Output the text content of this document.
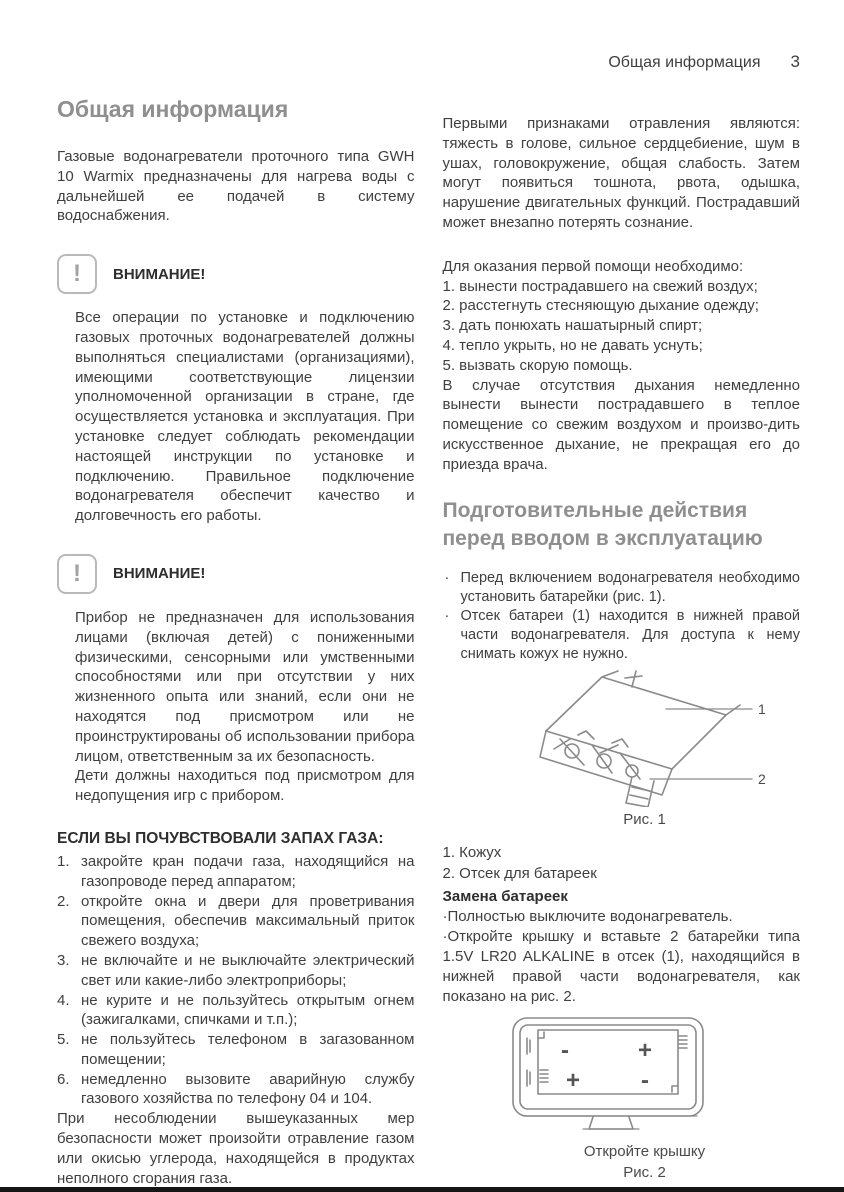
Общая информация 3
Общая информация

Газовые водонагреватели проточного типа GWH 10 Warmix предназначены для нагрева воды с дальнейшей ее подачей в систему водоснабжения.

!	ВНИМАНИЕ!

Все операции по установке и подключению газовых проточных водонагревателей должны выполняться специалистами (организациями), имеющими соответствующие лицензии уполномоченной организации в стране, где осуществляется установка и эксплуатация. При установке следует соблюдать рекомендации настоящей инструкции по установке и подключению. Правильное подключение водонагревателя обеспечит качество и долговечность его работы.

!	ВНИМАНИЕ!

Прибор не предназначен для использования лицами (включая детей) с пониженными физическими, сенсорными или умственными способностями или при отсутствии у них жизненного опыта или знаний, если они не находятся под присмотром или не проинструктированы об использовании прибора лицом, ответственным за их безопасность.

Дети должны находиться под присмотром для недопущения игр с прибором.

ЕСЛИ ВЫ ПОЧУВСТВОВАЛИ ЗАПАХ ГАЗА:
1. закройте кран подачи газа, находящийся на газопроводе перед аппаратом;
2. откройте окна и двери для проветривания помещения, обеспечив максимальный приток свежего воздуха;
3. не включайте и не выключайте электрический свет или какие-либо электроприборы;
4. не курите и не пользуйтесь открытым огнем (зажигалками, спичками и т.п.);
5. не пользуйтесь телефоном в загазованном помещении;
6. немедленно вызовите аварийную службу газового хозяйства по телефону 04 и 104.

При несоблюдении вышеуказанных мер безопасности может произойти отравление газом или окисью углерода, находящейся в продуктах неполного сгорания газа.

Первыми признаками отравления являются: тяжесть в голове, сильное сердцебиение, шум в ушах, головокружение, общая слабость. Затем могут появиться тошнота, рвота, одышка, нарушение двигательных функций. Пострадавший может внезапно потерять сознание.

Для оказания первой помощи необходимо:
1. вынести пострадавшего на свежий воздух;
2. расстегнуть стесняющую дыхание одежду;
3. дать понюхать нашатырный спирт;
4. тепло укрыть, но не давать уснуть;
5. вызвать скорую помощь.

В случае отсутствия дыхания немедленно вынести вынести пострадавшего в теплое помещение со свежим воздухом и произво-дить искусственное дыхание, не прекращая его до приезда врача.

Подготовительные действия перед вводом в эксплуатацию
· Перед включением водонагревателя необходимо установить батарейки (рис. 1).
· Отсек батареи (1) находится в нижней правой части водонагревателя. Для доступа к нему снимать кожух не нужно.
1
2
Рис. 1
1. Кожух
2. Отсек для батареек
Замена батареек

·Полностью выключите водонагреватель.

·Откройте крышку и вставьте 2 батарейки типа 1.5V LR20 ALKALINE в отсек (1), находящийся в нижней правой части водонагревателя, как показано на рис. 2.

-	+
+	-
Откройте крышку
Рис. 2
